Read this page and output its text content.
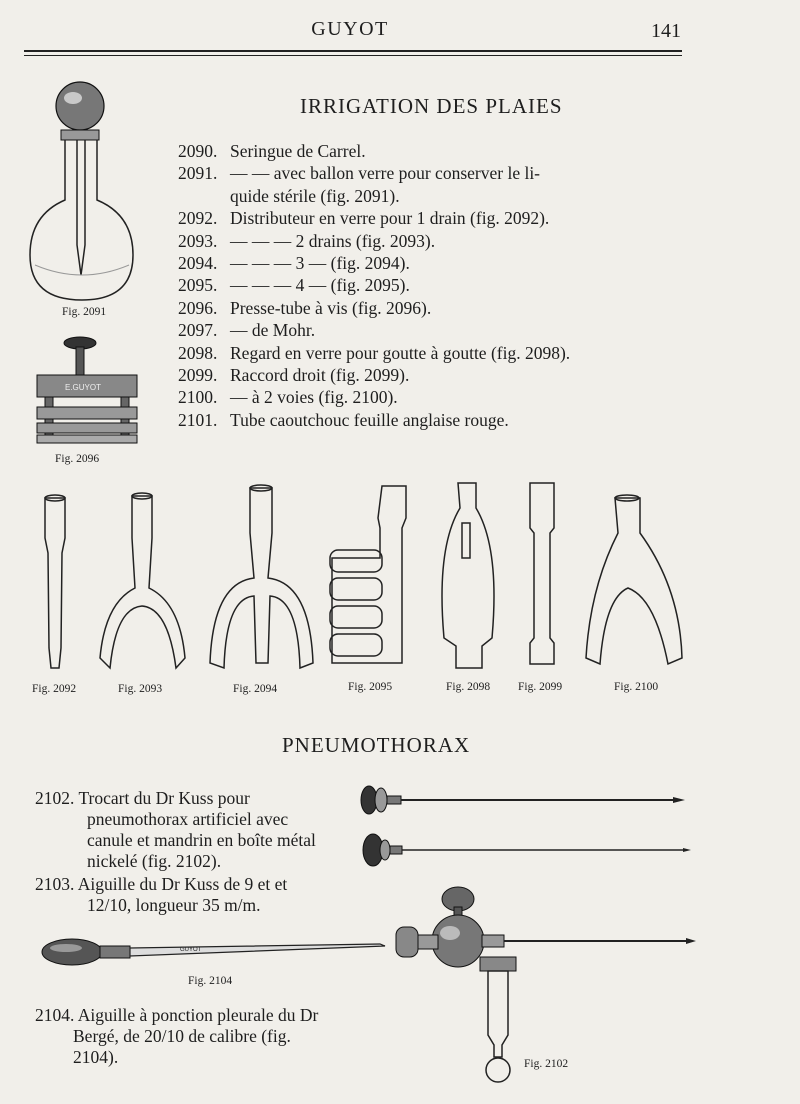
GUYOT	141
IRRIGATION DES PLAIES
Fig. 2091
E.GUYOT
Fig. 2096
2090. Seringue de Carrel.
2091. — — avec ballon verre pour conserver le li-
quide stérile (fig. 2091).
2092. Distributeur en verre pour 1 drain (fig. 2092).
2093. — — — 2 drains (fig. 2093).
2094. — — — 3 — (fig. 2094).
2095. — — — 4 — (fig. 2095).
2096. Presse-tube à vis (fig. 2096).
2097. — de Mohr.
2098. Regard en verre pour goutte à goutte (fig. 2098).
2099. Raccord droit (fig. 2099).
2100. — à 2 voies (fig. 2100).
2101. Tube caoutchouc feuille anglaise rouge.
Fig. 2092	Fig. 2093	Fig. 2094	Fig. 2095	Fig. 2098 Fig. 2099	Fig. 2100
PNEUMOTHORAX
2102. Trocart du Dr Kuss pour pneumothorax artificiel avec canule et mandrin en boîte métal nickelé (fig. 2102).
2103. Aiguille du Dr Kuss de 9 et et 12/10, longueur 35 m/m.
GUYOT
Fig. 2104
Fig. 2102
2104. Aiguille à ponction pleurale du Dr Bergé, de 20/10 de calibre (fig. 2104).
